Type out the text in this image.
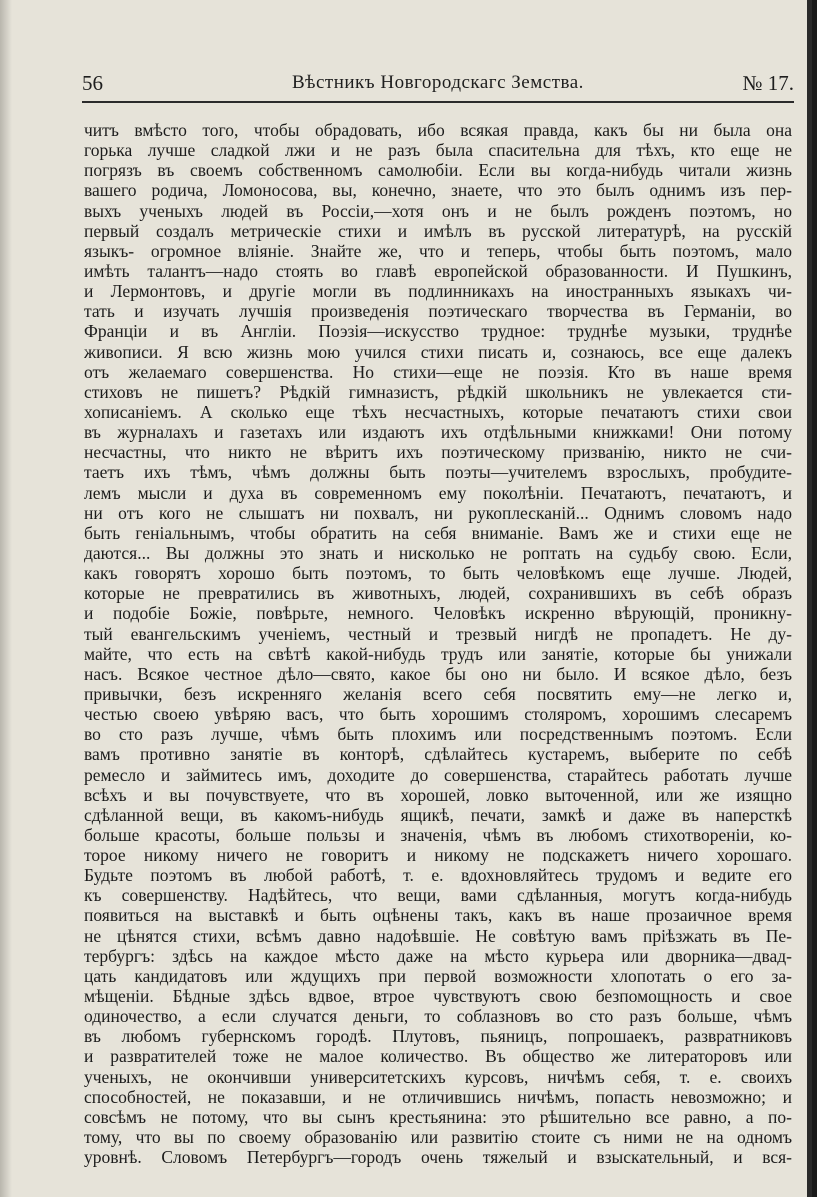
56	Вѣстникъ Новгородскагс Земства.	№ 17.
читъ вмѣсто того, чтобы обрадовать, ибо всякая правда, какъ бы ни была она
горька лучше сладкой лжи и не разъ была спасительна для тѣхъ, кто еще не
погрязъ въ своемъ собственномъ самолюбіи. Если вы когда-нибудь читали жизнь
вашего родича, Ломоносова, вы, конечно, знаете, что это былъ однимъ изъ пер-
выхъ ученыхъ людей въ Россіи,—хотя онъ и не былъ рожденъ поэтомъ, но
первый создалъ метрическіе стихи и имѣлъ въ русской литературѣ, на русскій
языкъ- огромное вліяніе. Знайте же, что и теперь, чтобы быть поэтомъ, мало
имѣть талантъ—надо стоять во главѣ европейской образованности. И Пушкинъ,
и Лермонтовъ, и другіе могли въ подлинникахъ на иностранныхъ языкахъ чи-
тать и изучать лучшія произведенія поэтическаго творчества въ Германіи, во
Франціи и въ Англіи. Поэзія—искусство трудное: труднѣе музыки, труднѣе
живописи. Я всю жизнь мою учился стихи писать и, сознаюсь, все еще далекъ
отъ желаемаго совершенства. Но стихи—еще не поэзія. Кто въ наше время
стиховъ не пишетъ? Рѣдкій гимназистъ, рѣдкій школьникъ не увлекается сти-
хописаніемъ. А сколько еще тѣхъ несчастныхъ, которые печатаютъ стихи свои
въ журналахъ и газетахъ или издаютъ ихъ отдѣльными книжками! Они потому
несчастны, что никто не вѣритъ ихъ поэтическому призванію, никто не счи-
таетъ ихъ тѣмъ, чѣмъ должны быть поэты—учителемъ взрослыхъ, пробудите-
лемъ мысли и духа въ современномъ ему поколѣніи. Печатаютъ, печатаютъ, и
ни отъ кого не слышатъ ни похвалъ, ни рукоплесканій... Однимъ словомъ надо
быть геніальнымъ, чтобы обратить на себя вниманіе. Вамъ же и стихи еще не
даются... Вы должны это знать и нисколько не роптать на судьбу свою. Если,
какъ говорятъ хорошо быть поэтомъ, то быть человѣкомъ еще лучше. Людей,
которые не превратились въ животныхъ, людей, сохранившихъ въ себѣ образъ
и подобіе Божіе, повѣрьте, немного. Человѣкъ искренно вѣрующій, проникну-
тый евангельскимъ ученіемъ, честный и трезвый нигдѣ не пропадетъ. Не ду-
майте, что есть на свѣтѣ какой-нибудь трудъ или занятіе, которые бы унижали
насъ. Всякое честное дѣло—свято, какое бы оно ни было. И всякое дѣло, безъ
привычки, безъ искренняго желанія всего себя посвятить ему—не легко и,
честью своею увѣряю васъ, что быть хорошимъ столяромъ, хорошимъ слесаремъ
во сто разъ лучше, чѣмъ быть плохимъ или посредственнымъ поэтомъ. Если
вамъ противно занятіе въ конторѣ, сдѣлайтесь кустаремъ, выберите по себѣ
ремесло и займитесь имъ, доходите до совершенства, старайтесь работать лучше
всѣхъ и вы почувствуете, что въ хорошей, ловко выточенной, или же изящно
сдѣланной вещи, въ какомъ-нибудь ящикѣ, печати, замкѣ и даже въ наперсткѣ
больше красоты, больше пользы и значенія, чѣмъ въ любомъ стихотвореніи, ко-
торое никому ничего не говоритъ и никому не подскажетъ ничего хорошаго.
Будьте поэтомъ въ любой работѣ, т. е. вдохновляйтесь трудомъ и ведите его
къ совершенству. Надѣйтесь, что вещи, вами сдѣланныя, могутъ когда-нибудь
появиться на выставкѣ и быть оцѣнены такъ, какъ въ наше прозаичное время
не цѣнятся стихи, всѣмъ давно надоѣвшіе. Не совѣтую вамъ пріѣзжать въ Пе-
тербургъ: здѣсь на каждое мѣсто даже на мѣсто курьера или дворника—двад-
цать кандидатовъ или ждущихъ при первой возможности хлопотать о его за-
мѣщеніи. Бѣдные здѣсь вдвое, втрое чувствуютъ свою безпомощность и свое
одиночество, а если случатся деньги, то соблазновъ во сто разъ больше, чѣмъ
въ любомъ губернскомъ городѣ. Плутовъ, пьяницъ, попрошаекъ, развратниковъ
и развратителей тоже не малое количество. Въ общество же литераторовъ или
ученыхъ, не окончивши университетскихъ курсовъ, ничѣмъ себя, т. е. своихъ
способностей, не показавши, и не отличившись ничѣмъ, попасть невозможно; и
совсѣмъ не потому, что вы сынъ крестьянина: это рѣшительно все равно, а по-
тому, что вы по своему образованію или развитію стоите съ ними не на одномъ
уровнѣ. Словомъ Петербургъ—городъ очень тяжелый и взыскательный, и вся-
